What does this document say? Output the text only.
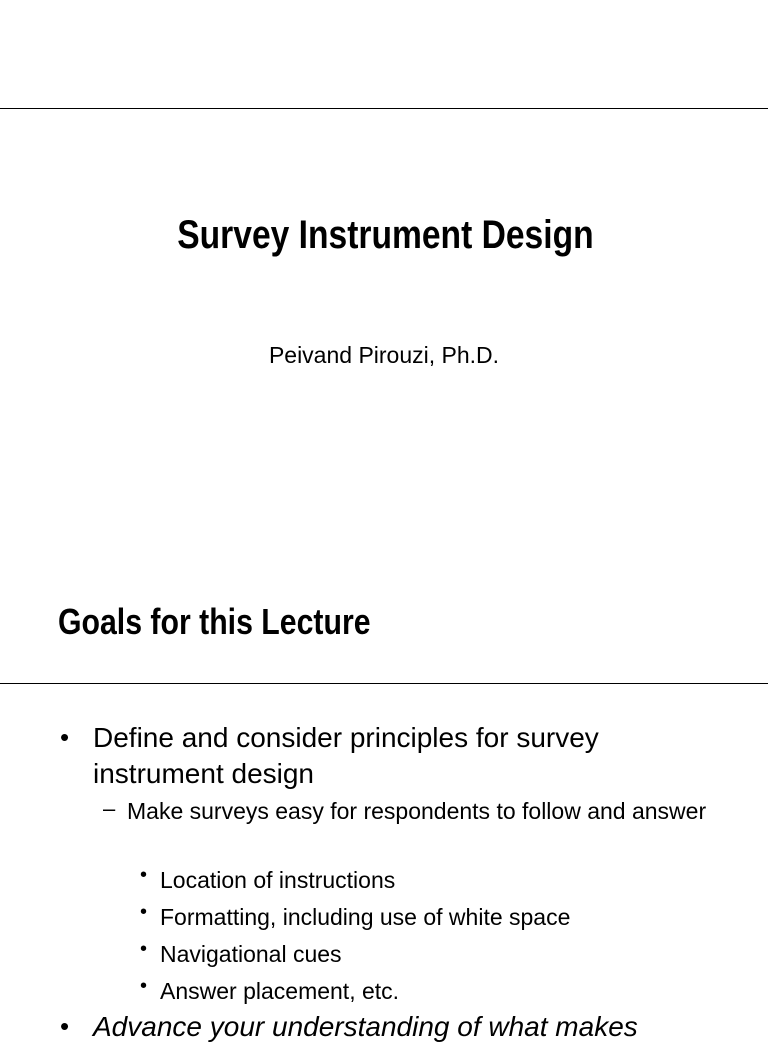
Survey Instrument Design
Peivand Pirouzi, Ph.D.
Goals for this Lecture
• Define and consider principles for survey instrument design
– Make surveys easy for respondents to follow and answer
• Location of instructions
• Formatting, including use of white space
• Navigational cues
• Answer placement, etc.
• Advance your understanding of what makes
